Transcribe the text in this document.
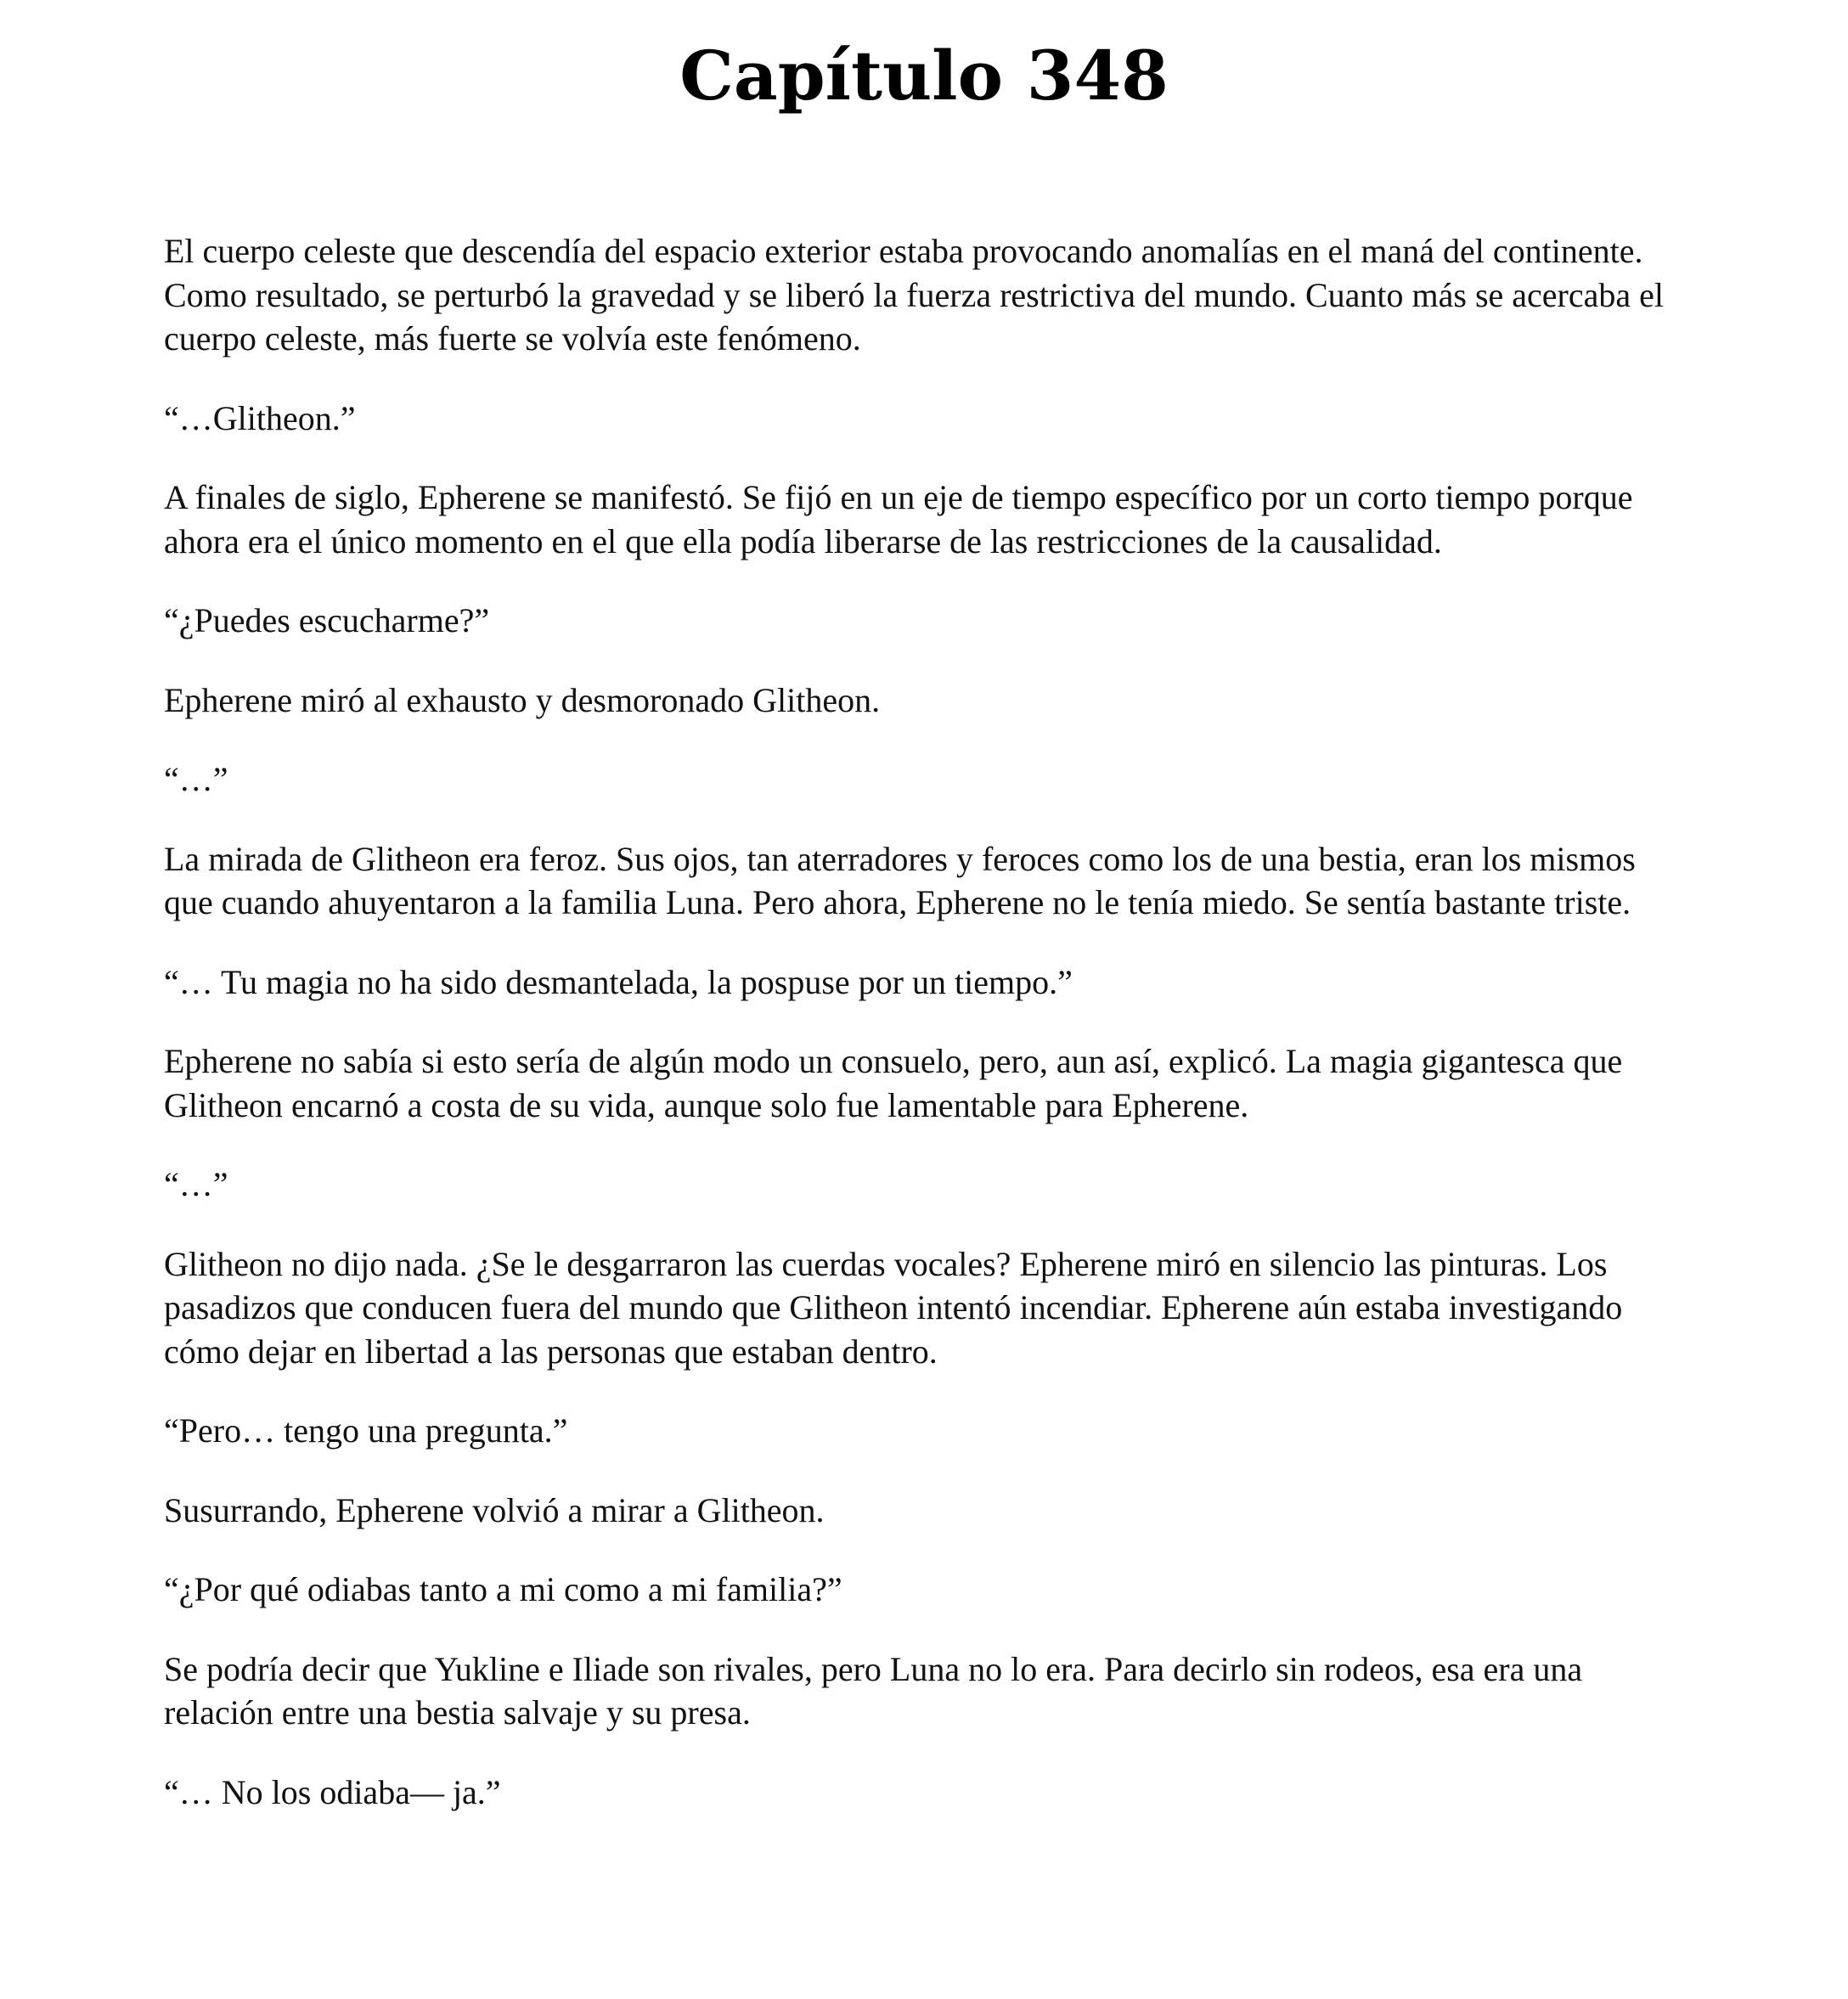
Capítulo 348

El cuerpo celeste que descendía del espacio exterior estaba provocando anomalías en el maná del continente. Como resultado, se perturbó la gravedad y se liberó la fuerza restrictiva del mundo. Cuanto más se acercaba el cuerpo celeste, más fuerte se volvía este fenómeno.

“…Glitheon.”

A finales de siglo, Epherene se manifestó. Se fijó en un eje de tiempo específico por un corto tiempo porque ahora era el único momento en el que ella podía liberarse de las restricciones de la causalidad.

“¿Puedes escucharme?”

Epherene miró al exhausto y desmoronado Glitheon.

“…”

La mirada de Glitheon era feroz. Sus ojos, tan aterradores y feroces como los de una bestia, eran los mismos que cuando ahuyentaron a la familia Luna. Pero ahora, Epherene no le tenía miedo. Se sentía bastante triste.

“… Tu magia no ha sido desmantelada, la pospuse por un tiempo.”

Epherene no sabía si esto sería de algún modo un consuelo, pero, aun así, explicó. La magia gigantesca que Glitheon encarnó a costa de su vida, aunque solo fue lamentable para Epherene.

“…”

Glitheon no dijo nada. ¿Se le desgarraron las cuerdas vocales? Epherene miró en silencio las pinturas. Los pasadizos que conducen fuera del mundo que Glitheon intentó incendiar. Epherene aún estaba investigando cómo dejar en libertad a las personas que estaban dentro.

“Pero… tengo una pregunta.”

Susurrando, Epherene volvió a mirar a Glitheon.

“¿Por qué odiabas tanto a mi como a mi familia?”

Se podría decir que Yukline e Iliade son rivales, pero Luna no lo era. Para decirlo sin rodeos, esa era una relación entre una bestia salvaje y su presa.

“… No los odiaba— ja.”
